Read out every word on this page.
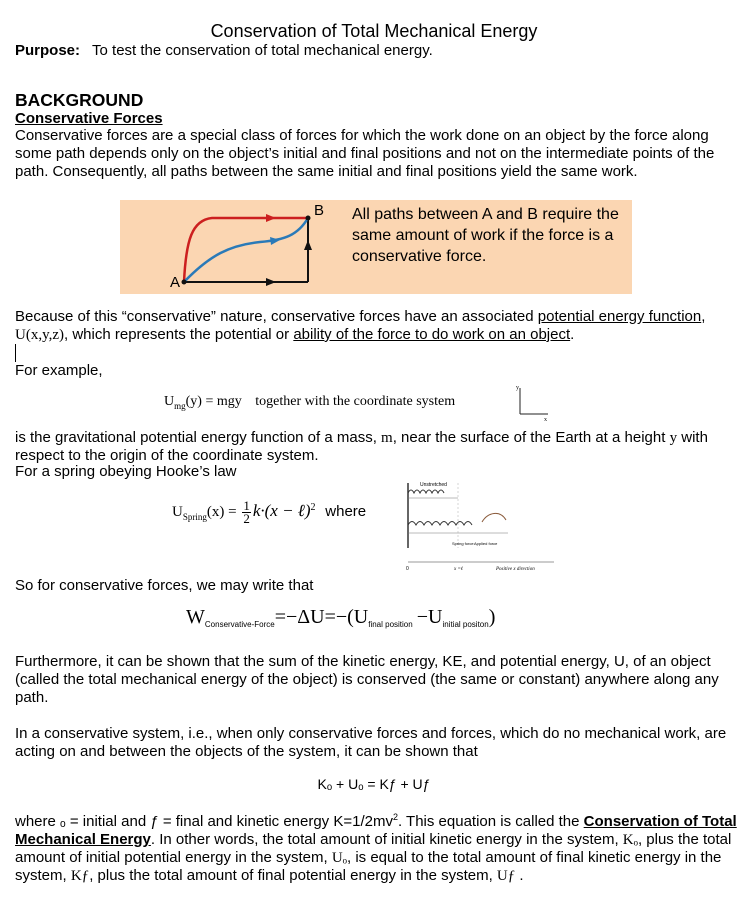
Conservation of Total Mechanical Energy
Purpose: To test the conservation of total mechanical energy.
BACKGROUND
Conservative Forces
Conservative forces are a special class of forces for which the work done on an object by the force along some path depends only on the object’s initial and final positions and not on the intermediate points of the path. Consequently, all paths between the same initial and final positions yield the same work.
A
B All paths between A and B require the same amount of work if the force is a conservative force.
Because of this “conservative” nature, conservative forces have an associated potential energy function, U(x,y,z), which represents the potential or ability of the force to do work on an object.
For example,
$U_{mg}(y)$ = mgy together with the coordinate system
y
x
is the gravitational potential energy function of a mass, m, near the surface of the Earth at a height y with respect to the origin of the coordinate system.
For a spring obeying Hooke’s law
$U_{Spring}(x) = \frac{1}{2} k\cdot(x$ − ℓ)$^2$ where
Unstretched
Spring force Applied force
0	x =ℓ	Positive x direction
So for conservative forces, we may write that
$W_{Conservative-Force}=-\Delta U=-(U_{final position} -U_{initial positon})$
Furthermore, it can be shown that the sum of the kinetic energy, KE, and potential energy, U, of an object (called the total mechanical energy of the object) is conserved (the same or constant) anywhere along any path.
In a conservative system, i.e., when only conservative forces and forces, which do no mechanical work, are acting on and between the objects of the system, it can be shown that
Kₒ + Uₒ = Kƒ + Uƒ
where ₒ = initial and ƒ = final and kinetic energy $K=1/2mv^2$. This equation is called the Conservation of Total Mechanical Energy. In other words, the total amount of initial kinetic energy in the system, Kₒ, plus the total amount of initial potential energy in the system, Uₒ, is equal to the total amount of final kinetic energy in the system, Kƒ, plus the total amount of final potential energy in the system, Uƒ .
